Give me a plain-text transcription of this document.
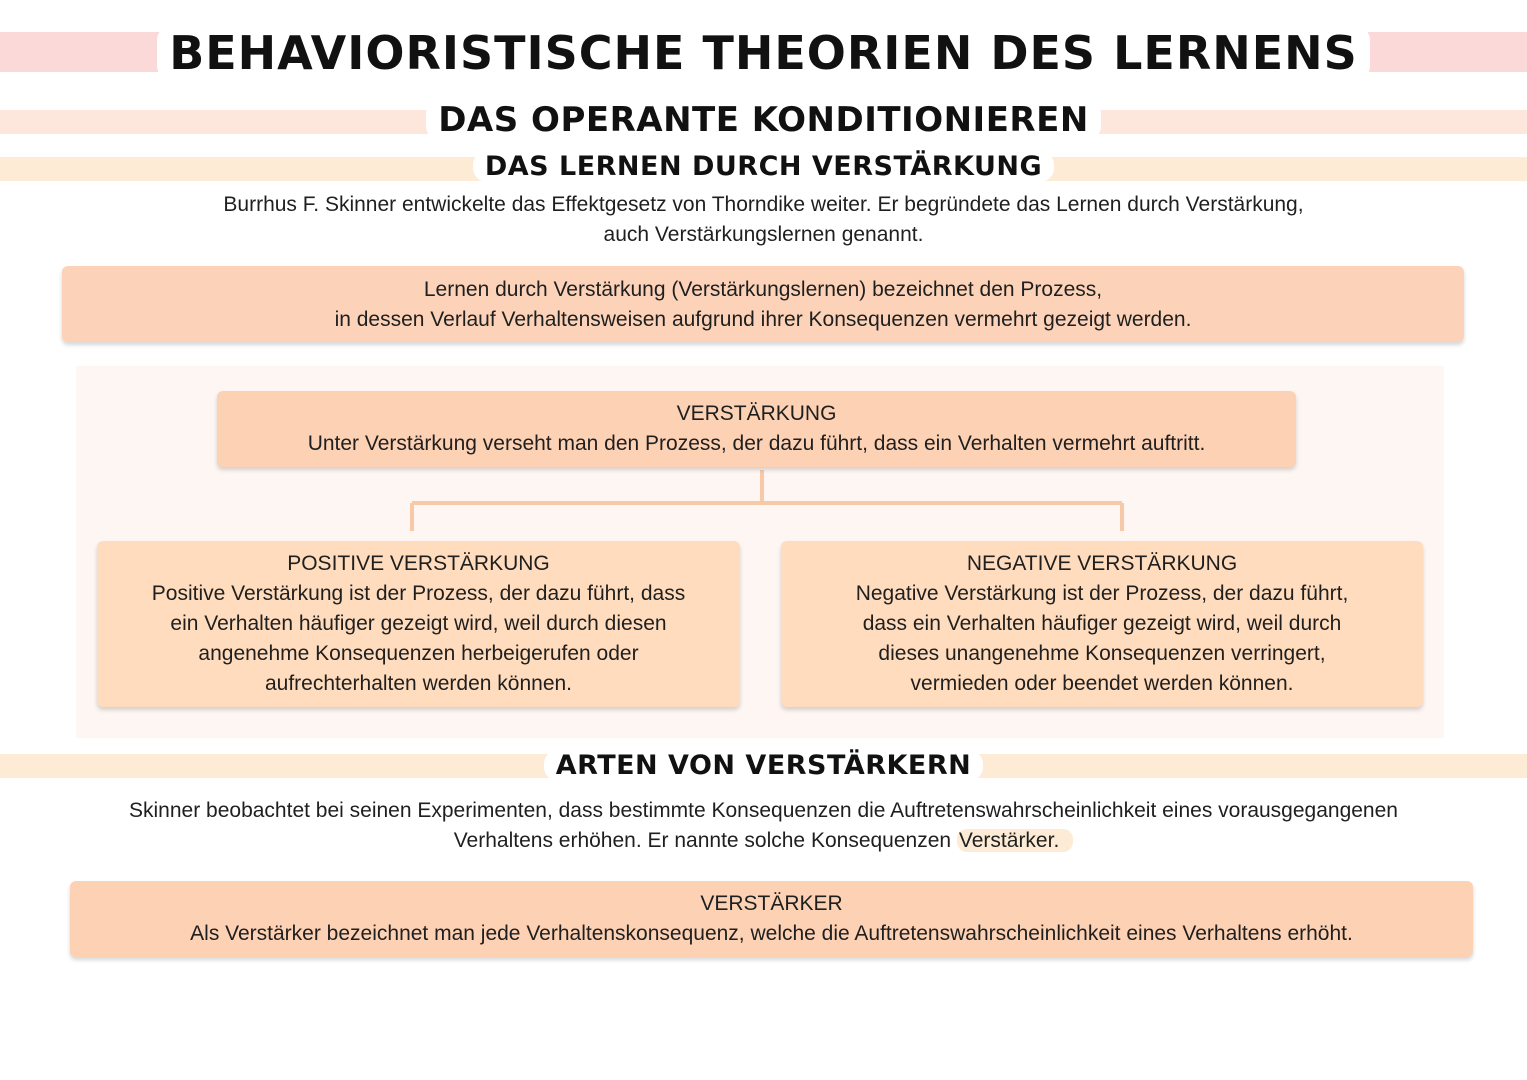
BEHAVIORISTISCHE THEORIEN DES LERNENS
DAS OPERANTE KONDITIONIEREN
DAS LERNEN DURCH VERSTÄRKUNG
Burrhus F. Skinner entwickelte das Effektgesetz von Thorndike weiter. Er begründete das Lernen durch Verstärkung,
auch Verstärkungslernen genannt.

Lernen durch Verstärkung (Verstärkungslernen) bezeichnet den Prozess,

in dessen Verlauf Verhaltensweisen aufgrund ihrer Konsequenzen vermehrt gezeigt werden.

VERSTÄRKUNG

Unter Verstärkung verseht man den Prozess, der dazu führt, dass ein Verhalten vermehrt auftritt.

POSITIVE VERSTÄRKUNG

Positive Verstärkung ist der Prozess, der dazu führt, dass

ein Verhalten häufiger gezeigt wird, weil durch diesen

angenehme Konsequenzen herbeigerufen oder

aufrechterhalten werden können.

NEGATIVE VERSTÄRKUNG

Negative Verstärkung ist der Prozess, der dazu führt,

dass ein Verhalten häufiger gezeigt wird, weil durch

dieses unangenehme Konsequenzen verringert,

vermieden oder beendet werden können.

ARTEN VON VERSTÄRKERN
Skinner beobachtet bei seinen Experimenten, dass bestimmte Konsequenzen die Auftretenswahrscheinlichkeit eines vorausgegangenen
Verhaltens erhöhen. Er nannte solche Konsequenzen Verstärker.

VERSTÄRKER

Als Verstärker bezeichnet man jede Verhaltenskonsequenz, welche die Auftretenswahrscheinlichkeit eines Verhaltens erhöht.
